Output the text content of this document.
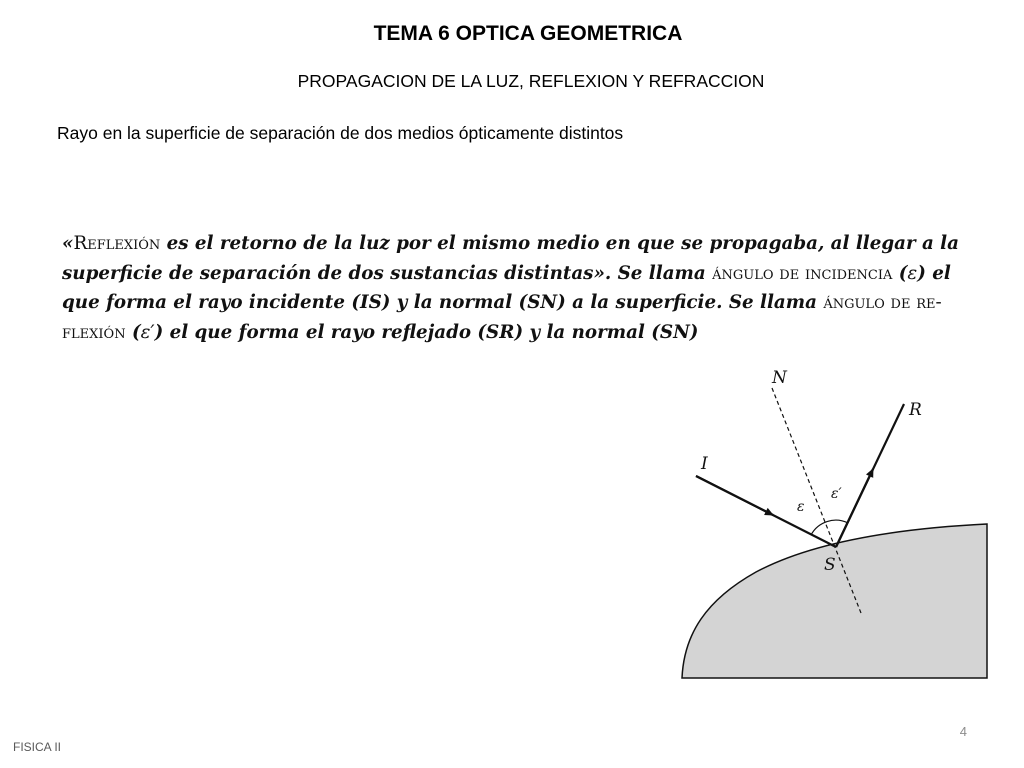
TEMA 6 OPTICA GEOMETRICA
PROPAGACION DE LA LUZ, REFLEXION Y REFRACCION
Rayo en la superficie de separación de dos medios ópticamente distintos
«Reflexión es el retorno de la luz por el mismo medio en que se propagaba, al llegar a la
superficie de separación de dos sustancias distintas». Se llama ángulo de incidencia (ε) el
que forma el rayo incidente (IS) y la normal (SN) a la superficie. Se llama ángulo de re-
flexión (ε′) el que forma el rayo reflejado (SR) y la normal (SN)
N
R
I
ε
ε′
S
4
FISICA II
